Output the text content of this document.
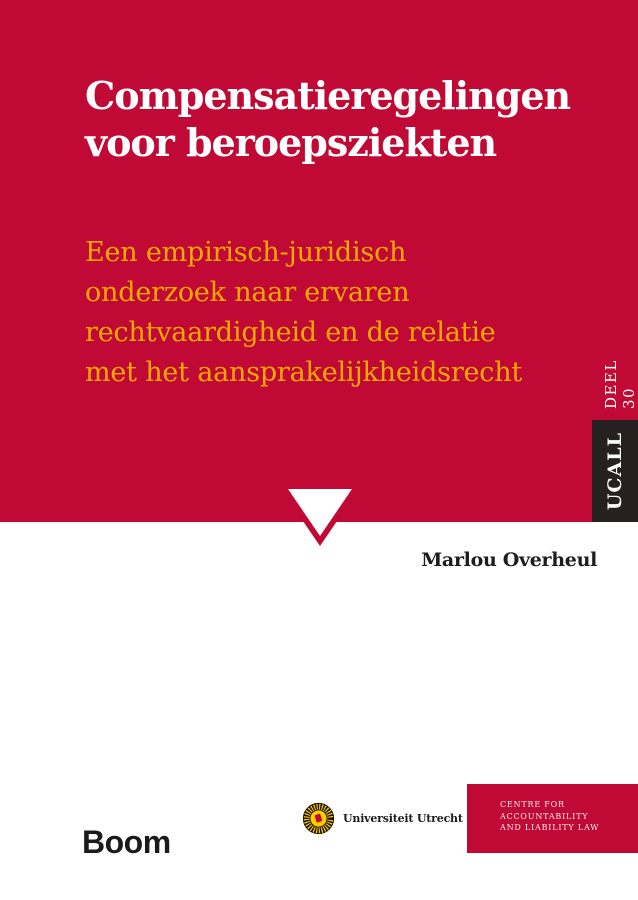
Compensatieregelingen
voor beroepsziekten
Een empirisch-juridisch
onderzoek naar ervaren
rechtvaardigheid en de relatie
met het aansprakelijkheidsrecht	DEEL 30
UCALL
Marlou Overheul
Boom
Universiteit Utrecht
CENTRE FOR
ACCOUNTABILITY
AND LIABILITY LAW
